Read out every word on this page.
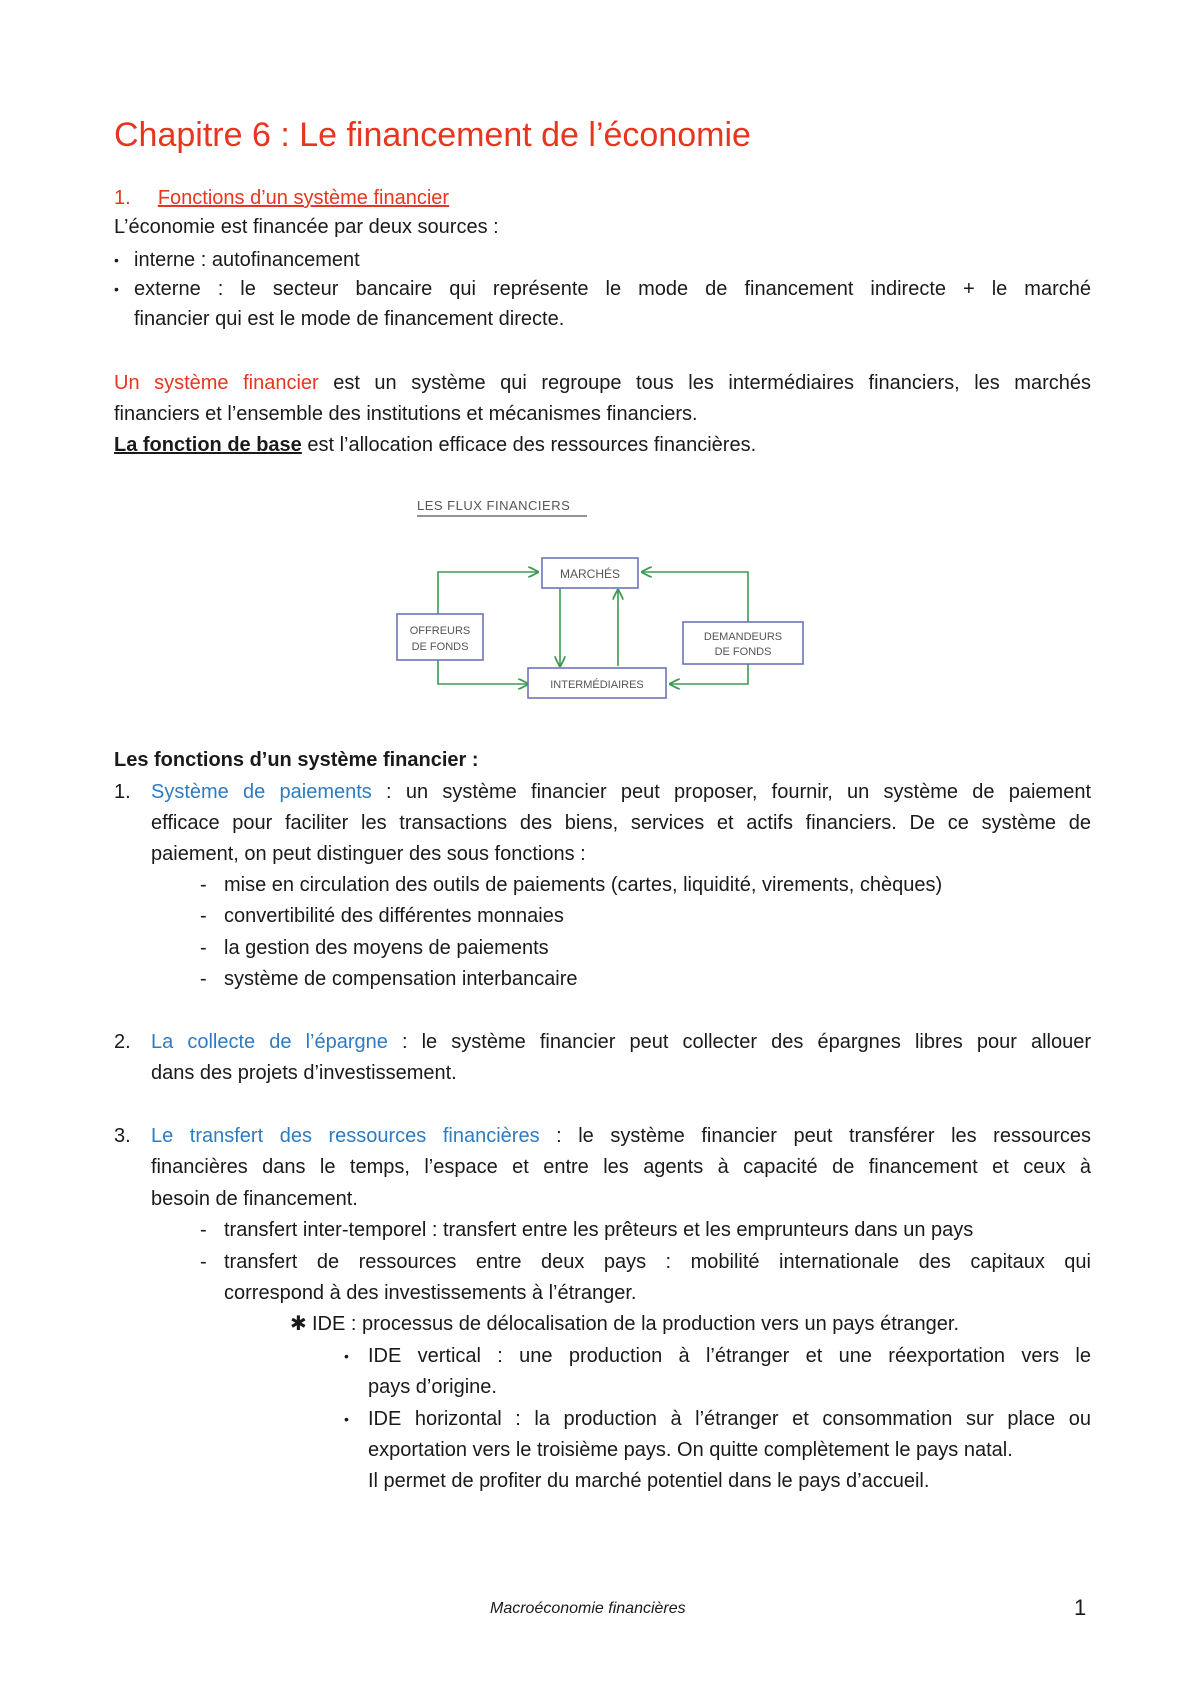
Chapitre 6 : Le financement de l’économie
1. Fonctions d’un système financier
L’économie est financée par deux sources :
• interne : autofinancement
• externe : le secteur bancaire qui représente le mode de financement indirecte + le marché
financier qui est le mode de financement directe.
Un système financier est un système qui regroupe tous les intermédiaires financiers, les marchés
financiers et l’ensemble des institutions et mécanismes financiers.
La fonction de base est l’allocation efficace des ressources financières.
LES FLUX FINANCIERS
MARCHÉS
OFFREURS
DE FONDS
DEMANDEURS
DE FONDS
INTERMÉDIAIRES
Les fonctions d’un système financier :
1. Système de paiements : un système financier peut proposer, fournir, un système de paiement
efficace pour faciliter les transactions des biens, services et actifs financiers. De ce système de
paiement, on peut distinguer des sous fonctions :
- mise en circulation des outils de paiements (cartes, liquidité, virements, chèques)
- convertibilité des différentes monnaies
- la gestion des moyens de paiements
- système de compensation interbancaire
2. La collecte de l’épargne : le système financier peut collecter des épargnes libres pour allouer
dans des projets d’investissement.
3. Le transfert des ressources financières : le système financier peut transférer les ressources
financières dans le temps, l’espace et entre les agents à capacité de financement et ceux à
besoin de financement.
- transfert inter-temporel : transfert entre les prêteurs et les emprunteurs dans un pays
- transfert de ressources entre deux pays : mobilité internationale des capitaux qui
correspond à des investissements à l’étranger.
✱ IDE : processus de délocalisation de la production vers un pays étranger.
• IDE vertical : une production à l’étranger et une réexportation vers le
pays d’origine.
• IDE horizontal : la production à l’étranger et consommation sur place ou
exportation vers le troisième pays. On quitte complètement le pays natal.
Il permet de profiter du marché potentiel dans le pays d’accueil.
Macroéconomie financières	1
